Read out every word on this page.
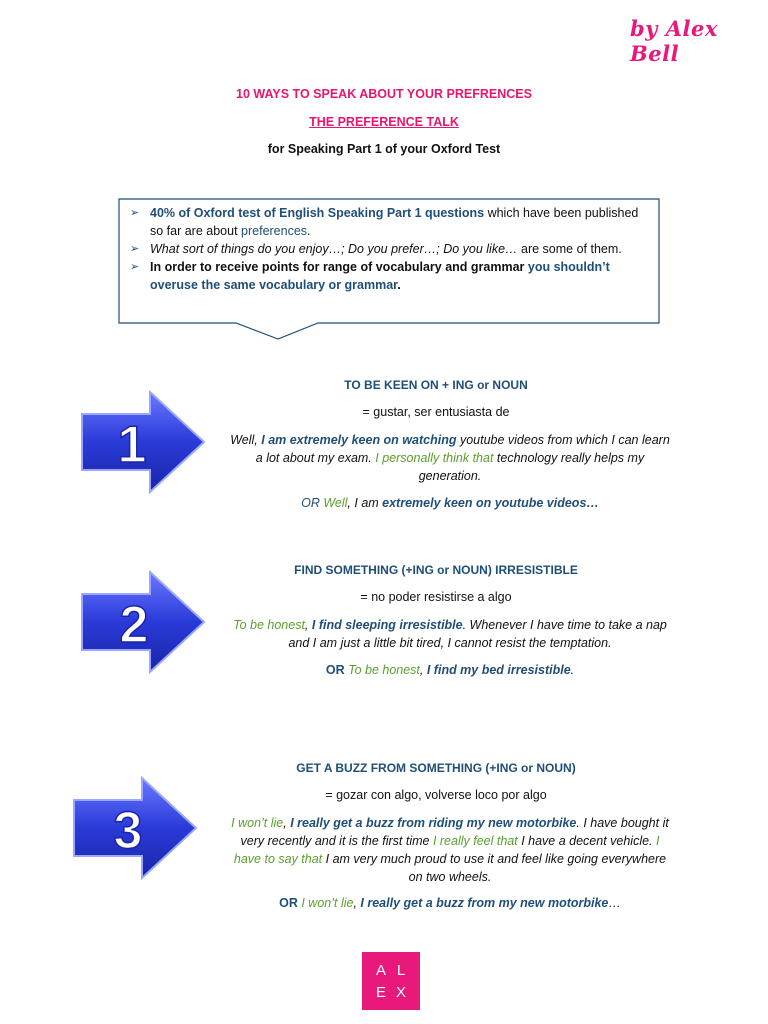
by Alex Bell
10 WAYS TO SPEAK ABOUT YOUR PREFRENCES
THE PREFERENCE TALK
for Speaking Part 1 of your Oxford Test
➢ 40% of Oxford test of English Speaking Part 1 questions which have been published so far are about preferences.
➢ What sort of things do you enjoy…; Do you prefer…; Do you like… are some of them.
➢ In order to receive points for range of vocabulary and grammar you shouldn’t overuse the same vocabulary or grammar.
1
TO BE KEEN ON + ING or NOUN
= gustar, ser entusiasta de
Well, I am extremely keen on watching youtube videos from which I can learn a lot about my exam. I personally think that technology really helps my generation.
OR Well, I am extremely keen on youtube videos…
2
FIND SOMETHING (+ING or NOUN) IRRESISTIBLE
= no poder resistirse a algo
To be honest, I find sleeping irresistible. Whenever I have time to take a nap and I am just a little bit tired, I cannot resist the temptation.
OR To be honest, I find my bed irresistible.
3
GET A BUZZ FROM SOMETHING (+ING or NOUN)
= gozar con algo, volverse loco por algo
I won’t lie, I really get a buzz from riding my new motorbike. I have bought it very recently and it is the first time I really feel that I have a decent vehicle. I have to say that I am very much proud to use it and feel like going everywhere on two wheels.
OR I won’t lie, I really get a buzz from my new motorbike…
A L
E X
